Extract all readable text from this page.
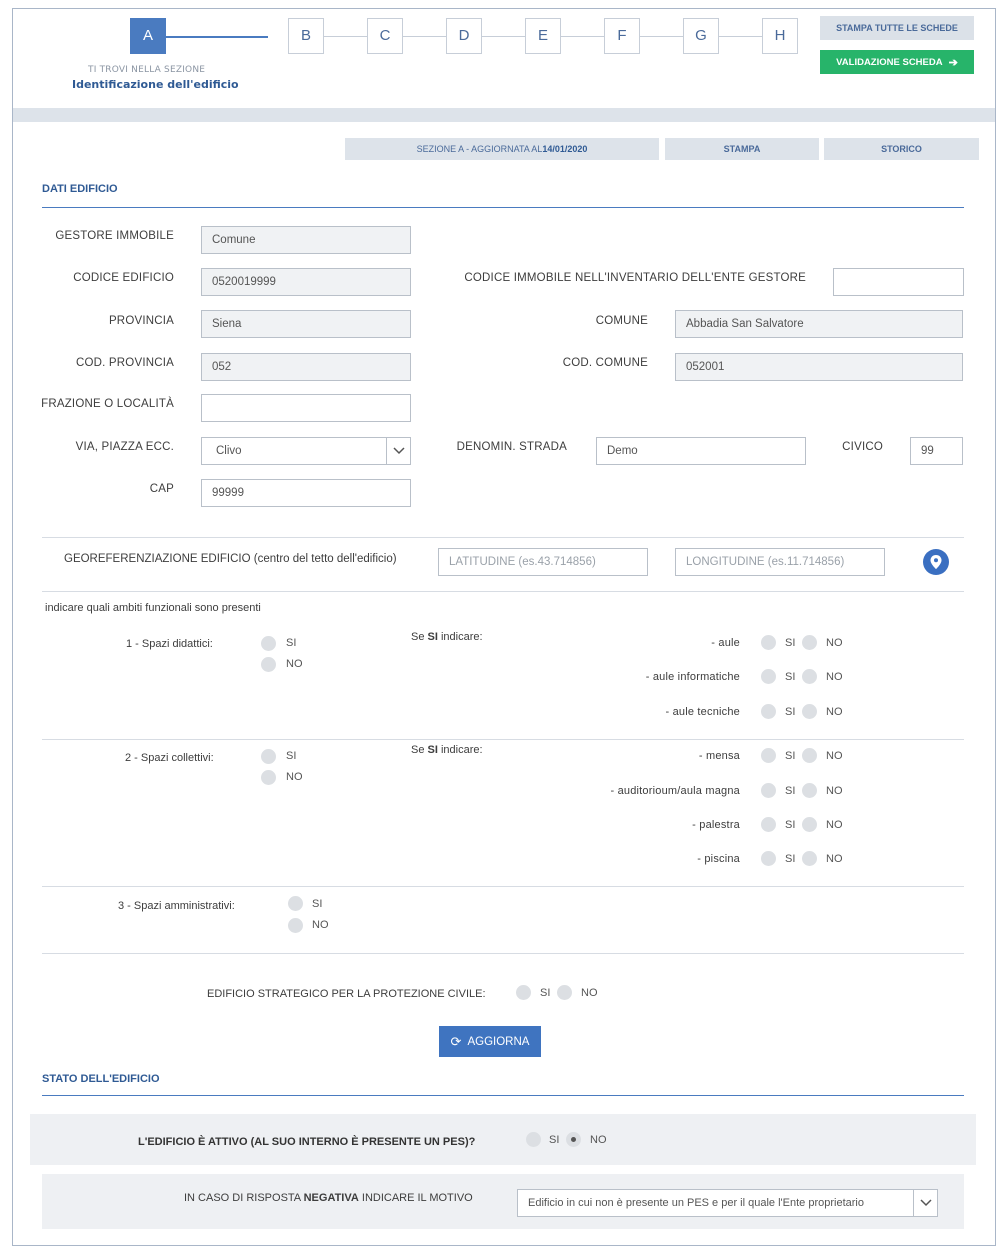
A	B	C	D	E	F	G	H
TI TROVI NELLA SEZIONE
Identificazione dell'edificio
STAMPA TUTTE LE SCHEDE
VALIDAZIONE SCHEDA ➔
SEZIONE A - AGGIORNATA AL 14/01/2020	STAMPA	STORICO
DATI EDIFICIO
GESTORE IMMOBILE	Comune
CODICE EDIFICIO	0520019999	CODICE IMMOBILE NELL'INVENTARIO DELL'ENTE GESTORE
PROVINCIA	Siena	COMUNE	Abbadia San Salvatore
COD. PROVINCIA	052	COD. COMUNE	052001
FRAZIONE O LOCALITÀ
VIA, PIAZZA ECC.	Clivo	DENOMIN. STRADA	Demo	CIVICO	99
CAP	99999
GEOREFERENZIAZIONE EDIFICIO (centro del tetto dell'edificio)	LATITUDINE (es.43.714856)	LONGITUDINE (es.11.714856)
indicare quali ambiti funzionali sono presenti
1 - Spazi didattici:	SI
NO
Se SI indicare:	- aule	SI	NO
- aule informatiche	SI	NO
- aule tecniche	SI	NO
2 - Spazi collettivi:	SI
NO
Se SI indicare:	- mensa	SI	NO
- auditorioum/aula magna	SI	NO
- palestra	SI	NO
- piscina	SI	NO
3 - Spazi amministrativi:	SI
NO
EDIFICIO STRATEGICO PER LA PROTEZIONE CIVILE:	SI	NO
⟳ AGGIORNA
STATO DELL'EDIFICIO
L'EDIFICIO È ATTIVO (AL SUO INTERNO È PRESENTE UN PES)?	SI	NO
IN CASO DI RISPOSTA NEGATIVA INDICARE IL MOTIVO	Edificio in cui non è presente un PES e per il quale l'Ente proprietario
